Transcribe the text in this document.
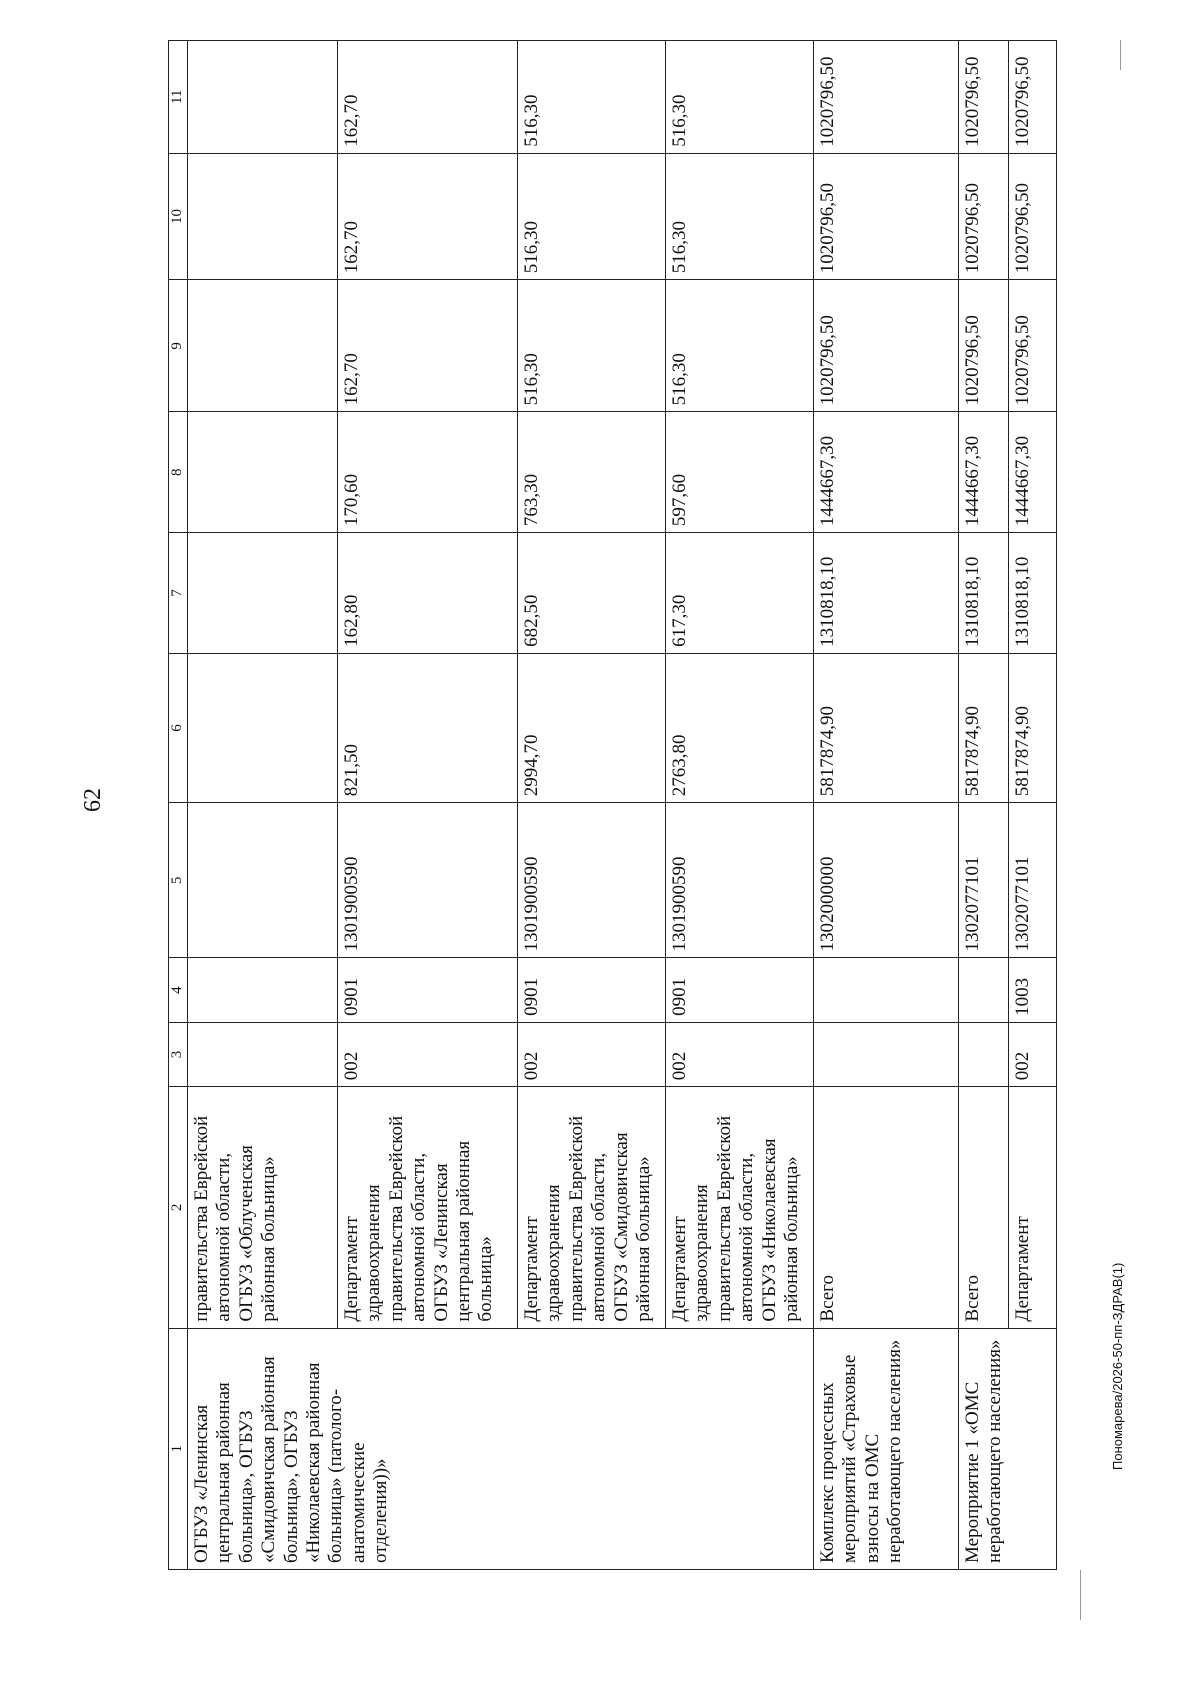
62
1	2	3	4	5	6	7	8	9	10	11
ОГБУЗ «Ленинская центральная районная больница», ОГБУЗ «Смидовичская районная больница», ОГБУЗ «Николаевская районная больница» (патолого-анатомические отделения))»	правительства Еврейской автономной области, ОГБУЗ «Облученская районная больница»									
	Департамент здравоохранения правительства Еврейской автономной области, ОГБУЗ «Ленинская центральная районная больница»	002	0901	1301900590	821,50	162,80	170,60	162,70	162,70	162,70
	Департамент здравоохранения правительства Еврейской автономной области, ОГБУЗ «Смидовичская районная больница»	002	0901	1301900590	2994,70	682,50	763,30	516,30	516,30	516,30
	Департамент здравоохранения правительства Еврейской автономной области, ОГБУЗ «Николаевская районная больница»	002	0901	1301900590	2763,80	617,30	597,60	516,30	516,30	516,30
Комплекс процессных мероприятий «Страховые взносы на ОМС неработающего населения»	Всего			1302000000	5817874,90	1310818,10	1444667,30	1020796,50	1020796,50	1020796,50
Мероприятие 1 «ОМС неработающего населения»	Всего			1302077101	5817874,90	1310818,10	1444667,30	1020796,50	1020796,50	1020796,50
	Департамент	002	1003	1302077101	5817874,90	1310818,10	1444667,30	1020796,50	1020796,50	1020796,50
Пономарева/2026-50-пп-ЗДРАВ(1)
